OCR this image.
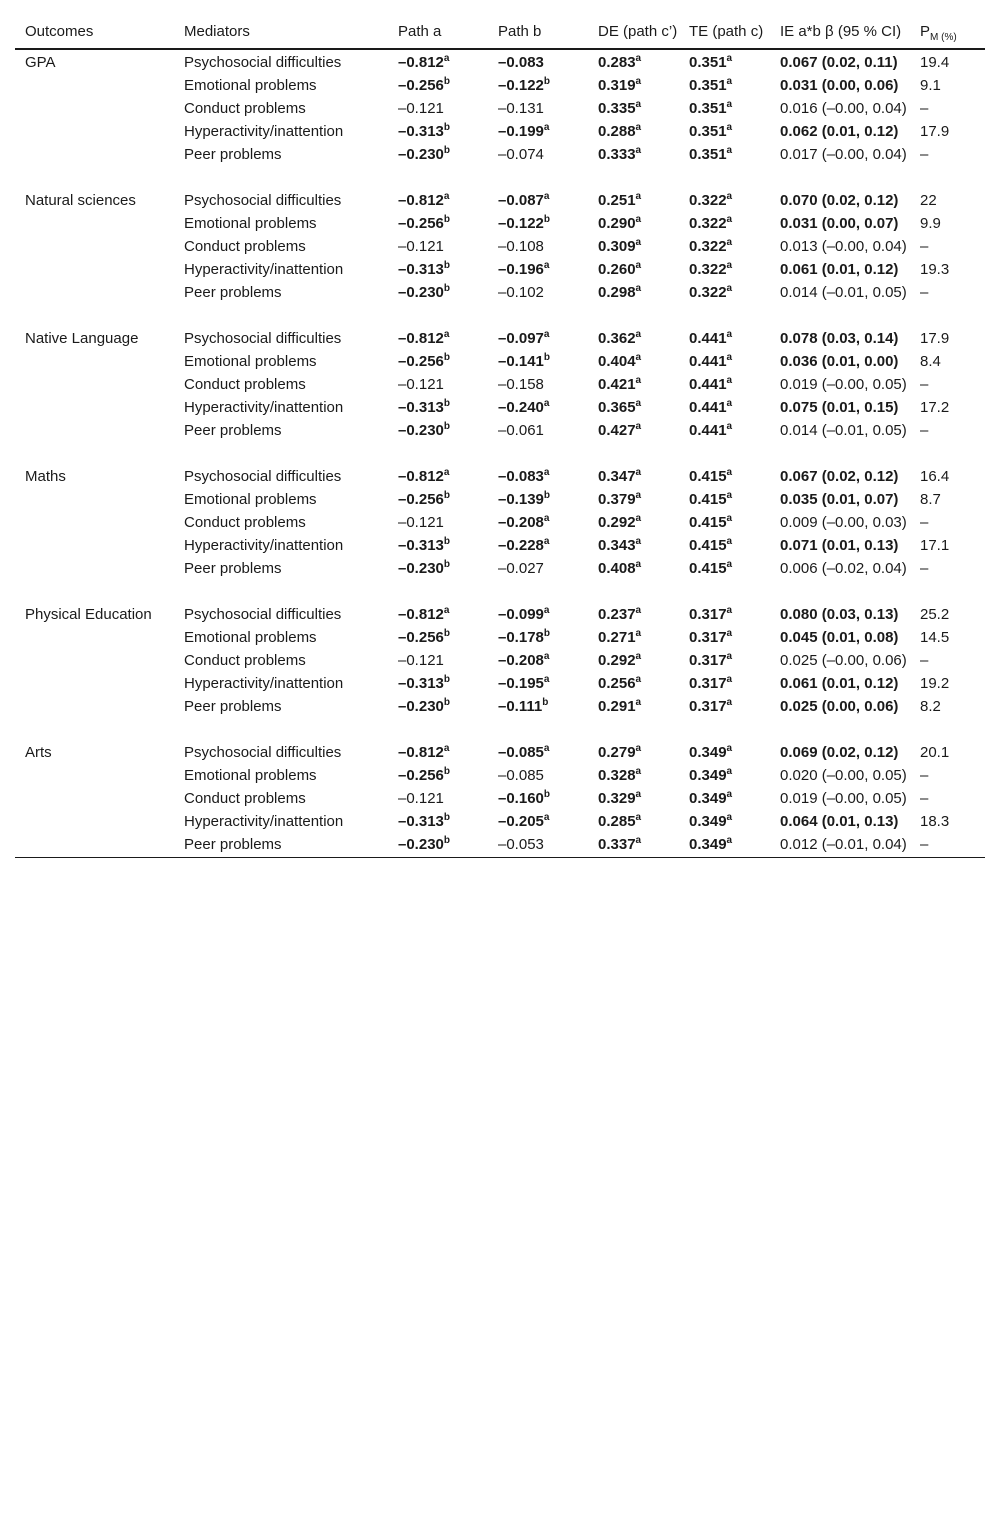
Outcomes	Mediators	Path a	Path b	DE (path c’)	TE (path c)	IE a*b β (95 % CI)	$P_{M (\%)}$
GPA	Psychosocial difficulties	–0.812$^a$	–0.083	0.283$^a$	0.351$^a$	0.067 (0.02, 0.11)	19.4
	Emotional problems	–0.256$^b$	–0.122$^b$	0.319$^a$	0.351$^a$	0.031 (0.00, 0.06)	9.1
	Conduct problems	–0.121	–0.131	0.335$^a$	0.351$^a$	0.016 (–0.00, 0.04)	–
	Hyperactivity/inattention	–0.313$^b$	–0.199$^a$	0.288$^a$	0.351$^a$	0.062 (0.01, 0.12)	17.9
	Peer problems	–0.230$^b$	–0.074	0.333$^a$	0.351$^a$	0.017 (–0.00, 0.04)	–
Natural sciences	Psychosocial difficulties	–0.812$^a$	–0.087$^a$	0.251$^a$	0.322$^a$	0.070 (0.02, 0.12)	22
	Emotional problems	–0.256$^b$	–0.122$^b$	0.290$^a$	0.322$^a$	0.031 (0.00, 0.07)	9.9
	Conduct problems	–0.121	–0.108	0.309$^a$	0.322$^a$	0.013 (–0.00, 0.04)	–
	Hyperactivity/inattention	–0.313$^b$	–0.196$^a$	0.260$^a$	0.322$^a$	0.061 (0.01, 0.12)	19.3
	Peer problems	–0.230$^b$	–0.102	0.298$^a$	0.322$^a$	0.014 (–0.01, 0.05)	–
Native Language	Psychosocial difficulties	–0.812$^a$	–0.097$^a$	0.362$^a$	0.441$^a$	0.078 (0.03, 0.14)	17.9
	Emotional problems	–0.256$^b$	–0.141$^b$	0.404$^a$	0.441$^a$	0.036 (0.01, 0.00)	8.4
	Conduct problems	–0.121	–0.158	0.421$^a$	0.441$^a$	0.019 (–0.00, 0.05)	–
	Hyperactivity/inattention	–0.313$^b$	–0.240$^a$	0.365$^a$	0.441$^a$	0.075 (0.01, 0.15)	17.2
	Peer problems	–0.230$^b$	–0.061	0.427$^a$	0.441$^a$	0.014 (–0.01, 0.05)	–
Maths	Psychosocial difficulties	–0.812$^a$	–0.083$^a$	0.347$^a$	0.415$^a$	0.067 (0.02, 0.12)	16.4
	Emotional problems	–0.256$^b$	–0.139$^b$	0.379$^a$	0.415$^a$	0.035 (0.01, 0.07)	8.7
	Conduct problems	–0.121	–0.208$^a$	0.292$^a$	0.415$^a$	0.009 (–0.00, 0.03)	–
	Hyperactivity/inattention	–0.313$^b$	–0.228$^a$	0.343$^a$	0.415$^a$	0.071 (0.01, 0.13)	17.1
	Peer problems	–0.230$^b$	–0.027	0.408$^a$	0.415$^a$	0.006 (–0.02, 0.04)	–
Physical Education	Psychosocial difficulties	–0.812$^a$	–0.099$^a$	0.237$^a$	0.317$^a$	0.080 (0.03, 0.13)	25.2
	Emotional problems	–0.256$^b$	–0.178$^b$	0.271$^a$	0.317$^a$	0.045 (0.01, 0.08)	14.5
	Conduct problems	–0.121	–0.208$^a$	0.292$^a$	0.317$^a$	0.025 (–0.00, 0.06)	–
	Hyperactivity/inattention	–0.313$^b$	–0.195$^a$	0.256$^a$	0.317$^a$	0.061 (0.01, 0.12)	19.2
	Peer problems	–0.230$^b$	–0.111$^b$	0.291$^a$	0.317$^a$	0.025 (0.00, 0.06)	8.2
Arts	Psychosocial difficulties	–0.812$^a$	–0.085$^a$	0.279$^a$	0.349$^a$	0.069 (0.02, 0.12)	20.1
	Emotional problems	–0.256$^b$	–0.085	0.328$^a$	0.349$^a$	0.020 (–0.00, 0.05)	–
	Conduct problems	–0.121	–0.160$^b$	0.329$^a$	0.349$^a$	0.019 (–0.00, 0.05)	–
	Hyperactivity/inattention	–0.313$^b$	–0.205$^a$	0.285$^a$	0.349$^a$	0.064 (0.01, 0.13)	18.3
	Peer problems	–0.230$^b$	–0.053	0.337$^a$	0.349$^a$	0.012 (–0.01, 0.04)	–
